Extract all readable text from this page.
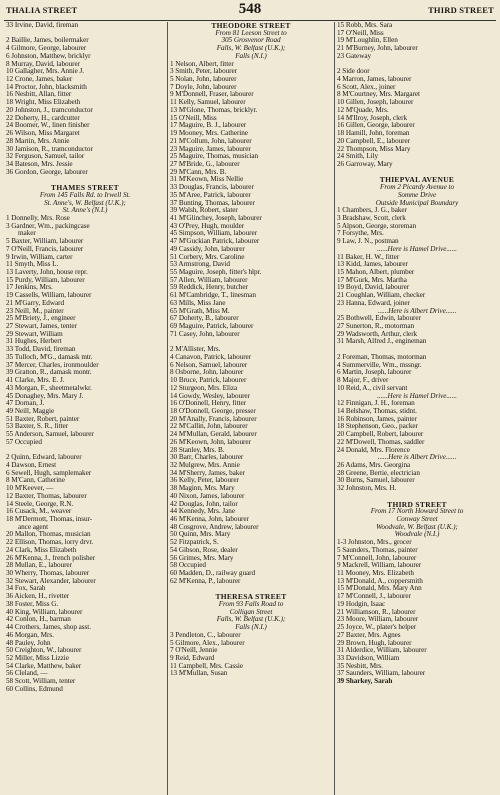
THALIA STREET	548	THIRD STREET
33 Irvine, David, fireman
2 Baillie, James, boilermaker
4 Gilmore, George, labourer
6 Johnston, Matthew, bricklyr
8 Murray, David, labourer
10 Gallagher, Mrs. Annie J.
12 Crone, James, baker
14 Proctor, John, blacksmith
16 Nesbitt, Allan, fitter
18 Wright, Miss Elizabeth
20 Johnston, J., tramconductor
22 Doherty, H., cardcutter
24 Boomer, W., linen finisher
26 Wilson, Miss Margaret
28 Martin, Mrs. Annie
30 Jamison, R., tramconductor
32 Ferguson, Samuel, tailor
34 Bateson, Mrs. Jessie
36 Gordon, George, labourer
THAMES STREET
From 145 Falls Rd. to Irwell St.
St. Anne's, W. Belfast (U.K.);
St. Anne's (N.I.)
1 Donnelly, Mrs. Rose
3 Gardner, Wm., packingcase
maker
5 Baxter, William, labourer
7 O'Neill, Francis, labourer
9 Irwin, William, carter
11 Smyth, Miss L.
13 Laverty, John, house repr.
15 Purdy, William, labourer
17 Jenkins, Mrs.
19 Cassells, William, labourer
21 M'Garry, Edward
23 Neill, M., painter
25 M'Briety, J., engineer
27 Stewart, James, tenter
29 Stewart, William
31 Hughes, Herbert
33 Todd, David, fireman
35 Tulloch, M'G., damask mtr.
37 Mercer, Charles, ironmoulder
39 Gratton, R., damask montr.
41 Clarke, Mrs. E. J.
43 Morgan, F., sheetmetalwkr.
45 Donaghey, Mrs. Mary J.
47 Dornan, J.
49 Neill, Maggie
51 Baxter, Robert, painter
53 Baxter, S. R., fitter
55 Anderson, Samuel, labourer
57 Occupied
2 Quinn, Edward, labourer
4 Dawson, Ernest
6 Sewell, Hugh, samplemaker
8 M'Cann, Catherine
10 M'Keever, —
12 Baxter, Thomas, labourer
14 Steele, George, R.N.
16 Cusack, M., weaver
18 M'Dermott, Thomas, insur-
ance agent
20 Mallon, Thomas, musician
22 Ellison, Thomas, lorry drvr.
24 Clark, Miss Elizabeth
26 M'Kenna, J., french polisher
28 Mullan, E., labourer
30 Wherry, Thomas, labourer
32 Stewart, Alexander, labourer
34 Fox, Sarah
36 Aicken, H., rivetter
38 Foster, Miss G.
40 King, William, labourer
42 Conlon, H., barman
44 Crothers, James, shop asst.
46 Morgan, Mrs.
48 Pauley, John
50 Creighton, W., labourer
52 Miller, Miss Lizzie
54 Clarke, Matthew, baker
56 Cleland, —
58 Scott, William, tenter
60 Collins, Edmund
THEODORE STREET
From 81 Leeson Street to
305 Grosvenor Road
Falls, W. Belfast (U.K.);
Falls (N.I.)
1 Nelson, Albert, fitter
3 Smith, Peter, labourer
5 Nolan, John, labourer
7 Doyle, John, labourer
9 M'Donnell, Fraser, labourer
11 Kelly, Samuel, labourer
13 M'Glone, Thomas, bricklyr.
15 O'Neill, Miss
17 Maguire, B. J., labourer
19 Mooney, Mrs. Catherine
21 M'Collum, John, labourer
23 Maguire, James, labourer
25 Maguire, Thomas, musician
27 M'Bride, G., labourer
29 M'Cann, Mrs. B.
31 M'Keown, Miss Nellie
33 Douglas, Francis, labourer
35 M'Aree, Patrick, labourer
37 Bunting, Thomas, labourer
39 Walsh, Robert, slater
41 M'Glinchey, Joseph, labourer
43 O'Prey, Hugh, moulder
45 Simpson, William, labourer
47 M'Guckian Patrick, labourer
49 Cassidy, John, labourer
51 Corbery, Mrs. Caroline
53 Armstrong, David
55 Maguire, Joseph, fitter's hlpr.
57 Allen, William, labourer
59 Reddick, Henry, butcher
61 M'Cambridge, T., linesman
63 Mills, Miss Jane
65 M'Grath, Miss M.
67 Doherty, B., labourer
69 Maguire, Patrick, labourer
71 Casey, John, labourer
2 M'Allister, Mrs.
4 Canavon, Patrick, labourer
6 Nelson, Samuel, labourer
8 Osborne, John, labourer
10 Bruce, Patrick, labourer
12 Sturgeon, Mrs. Eliza
14 Gowdy, Wesley, labourer
16 O'Donnell, Henry, fitter
18 O'Donnell, George, presser
20 M'Anally, Francis, labourer
22 M'Callin, John, labourer
24 M'Mullan, Gerald, labourer
26 M'Keown, John, labourer
28 Stanley, Mrs. B.
30 Barr, Charles, labourer
32 Mulgrew, Mrs. Annie
34 M'Sherry, James, baker
36 Kelly, Peter, labourer
38 Maginn, Mrs. Mary
40 Nixon, James, labourer
42 Douglas, John, tailor
44 Kennedy, Mrs. Jane
46 M'Kenna, John, labourer
48 Cosgrove, Andrew, labourer
50 Quinn, Mrs. Mary
52 Fitzpatrick, S.
54 Gibson, Rose, dealer
56 Grimes, Mrs. Mary
58 Occupied
60 Madden, D., railway guard
62 M'Kenna, P., labourer
THERESA STREET
From 93 Falls Road to
Colligan Street
Falls, W. Belfast (U.K.);
Falls (N.I.)
3 Pendleton, C., labourer
5 Gilmore, Alex., labourer
7 O'Neill, Jennie
9 Reid, Edward
11 Campbell, Mrs. Cassie
13 M'Mullan, Susan
15 Robb, Mrs. Sara
17 O'Neill, Miss
19 M'Loughlin, Ellen
21 M'Burney, John, labourer
23 Gateway
2 Side door
4 Marron, James, labourer
6 Scott, Alex., joiner
8 M'Courtney, Mrs. Margaret
10 Gillen, Joseph, labourer
12 M'Quade, Mrs.
14 M'Ilroy, Joseph, clerk
16 Gillen, George, labourer
18 Hamill, John, foreman
20 Campbell, E., labourer
22 Thompson, Miss Mary
24 Smith, Lily
26 Garroway, Mary
THIEPVAL AVENUE
From 2 Picardy Avenue to
Somme Drive
Outside Municipal Boundary
1 Chambers, J. G., baker
3 Bradshaw, Scott, clerk
5 Alpson, George, storeman
7 Forsythe, Mrs.
9 Law, J. N., postman
......Here is Hamel Drive......
11 Baker, H. W., fitter
13 Kidd, James, labourer
15 Mahon, Albert, plumber
17 M'Gurk, Mrs. Martha
19 Boyd, David, labourer
21 Coughlan, William, checker
23 Hanna, Edward, joiner
......Here is Albert Drive......
25 Bothwell, Edwin, labourer
27 Sunerton, R., motorman
29 Wadsworth, Arthur, clerk
31 Marsh, Alfred J., engineman
2 Foreman, Thomas, motorman
4 Summerville, Wm., mssngr.
6 Martin, Joseph, labourer
8 Major, F., driver
10 Reid, A., civil servant
......Here is Hamel Drive......
12 Finnigan, J. H., foreman
14 Belshaw, Thomas, stidnt.
16 Robinson, James, painter
18 Stephenson, Geo., packer
20 Campbell, Robert, labourer
22 M'Dowell, Thomas, saddler
24 Donald, Mrs. Florence
......Here is Albert Drive......
26 Adams, Mrs. Georgina
28 Greene, Bertie, electrician
30 Burns, Samuel, labourer
32 Johnston, Mrs. H.
THIRD STREET
From 17 North Howard Street to
Conway Street
Woodvale, W. Belfast (U.K.);
Woodvale (N.I.)
1-3 Johnston, Mrs., grocer
5 Saunders, Thomas, painter
7 M'Connell, John, labourer
9 Mackrell, William, labourer
11 Mooney, Mrs. Elizabeth
13 M'Donald, A., coppersmith
15 M'Donald, Mrs. Mary Ann
17 M'Connell, J., labourer
19 Hodgin, Isaac
21 Williamson, R., labourer
23 Moore, William, labourer
25 Joyce, W., plater's helper
27 Baxter, Mrs. Agnes
29 Brown, Hugh, labourer
31 Alderdice, William, labourer
33 Davidson, William
35 Nesbitt, Mrs.
37 Saunders, William, labourer
39 Sharkey, Sarah
